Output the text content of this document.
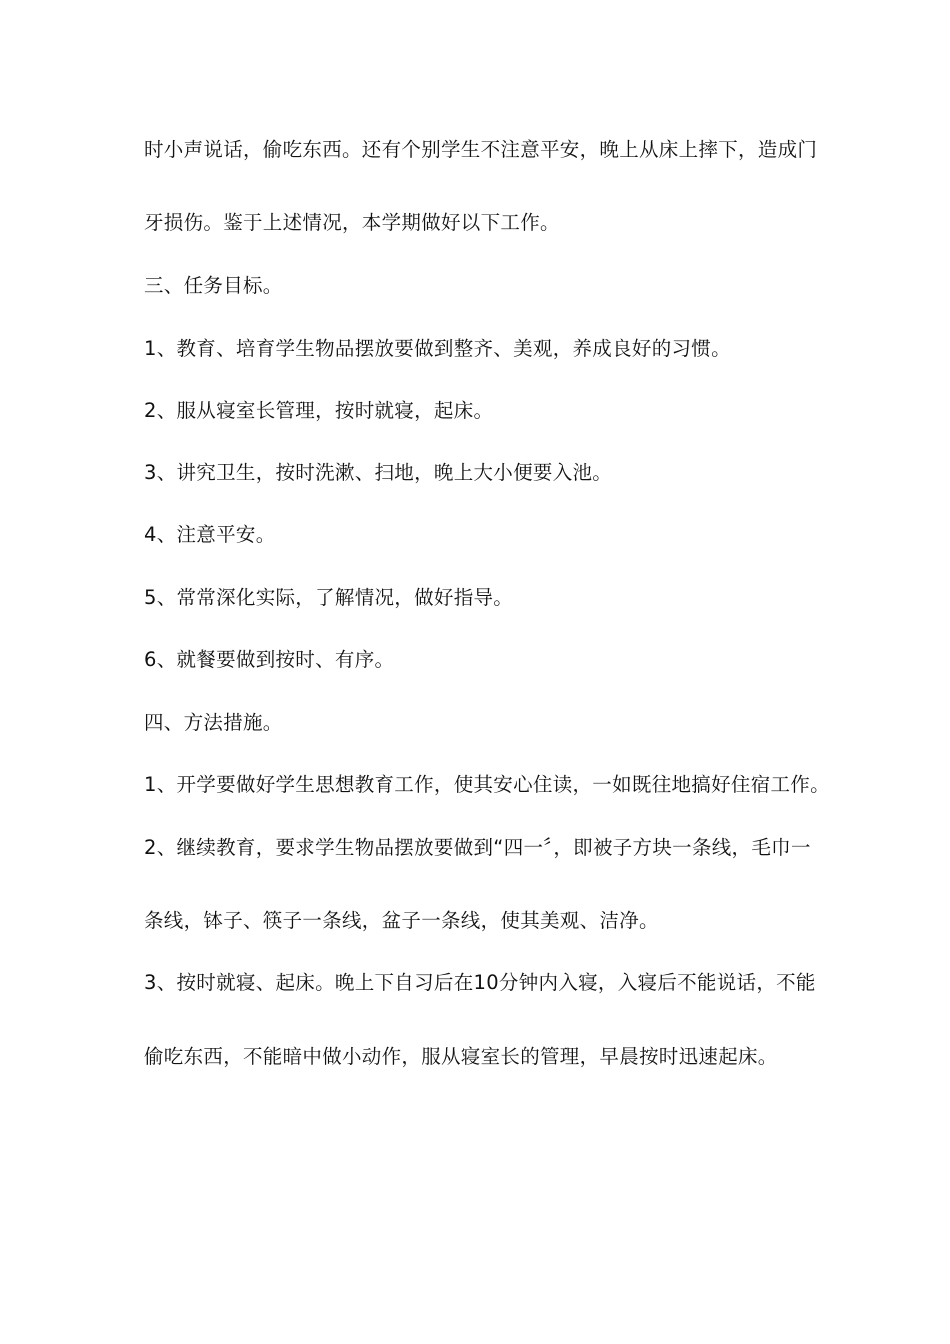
时小声说话，偷吃东西。还有个别学生不注意平安，晚上从床上摔下，造成门

牙损伤。鉴于上述情况，本学期做好以下工作。

三、任务目标。

1、教育、培育学生物品摆放要做到整齐、美观，养成良好的习惯。

2、服从寝室长管理，按时就寝，起床。

3、讲究卫生，按时洗漱、扫地，晚上大小便要入池。

4、注意平安。

5、常常深化实际，了解情况，做好指导。

6、就餐要做到按时、有序。

四、方法措施。

1、开学要做好学生思想教育工作，使其安心住读，一如既往地搞好住宿工作。

2、继续教育，要求学生物品摆放要做到“四一〞，即被子方块一条线，毛巾一

条线，钵子、筷子一条线，盆子一条线，使其美观、洁净。

3、按时就寝、起床。晚上下自习后在10分钟内入寝，入寝后不能说话，不能

偷吃东西，不能暗中做小动作，服从寝室长的管理，早晨按时迅速起床。
